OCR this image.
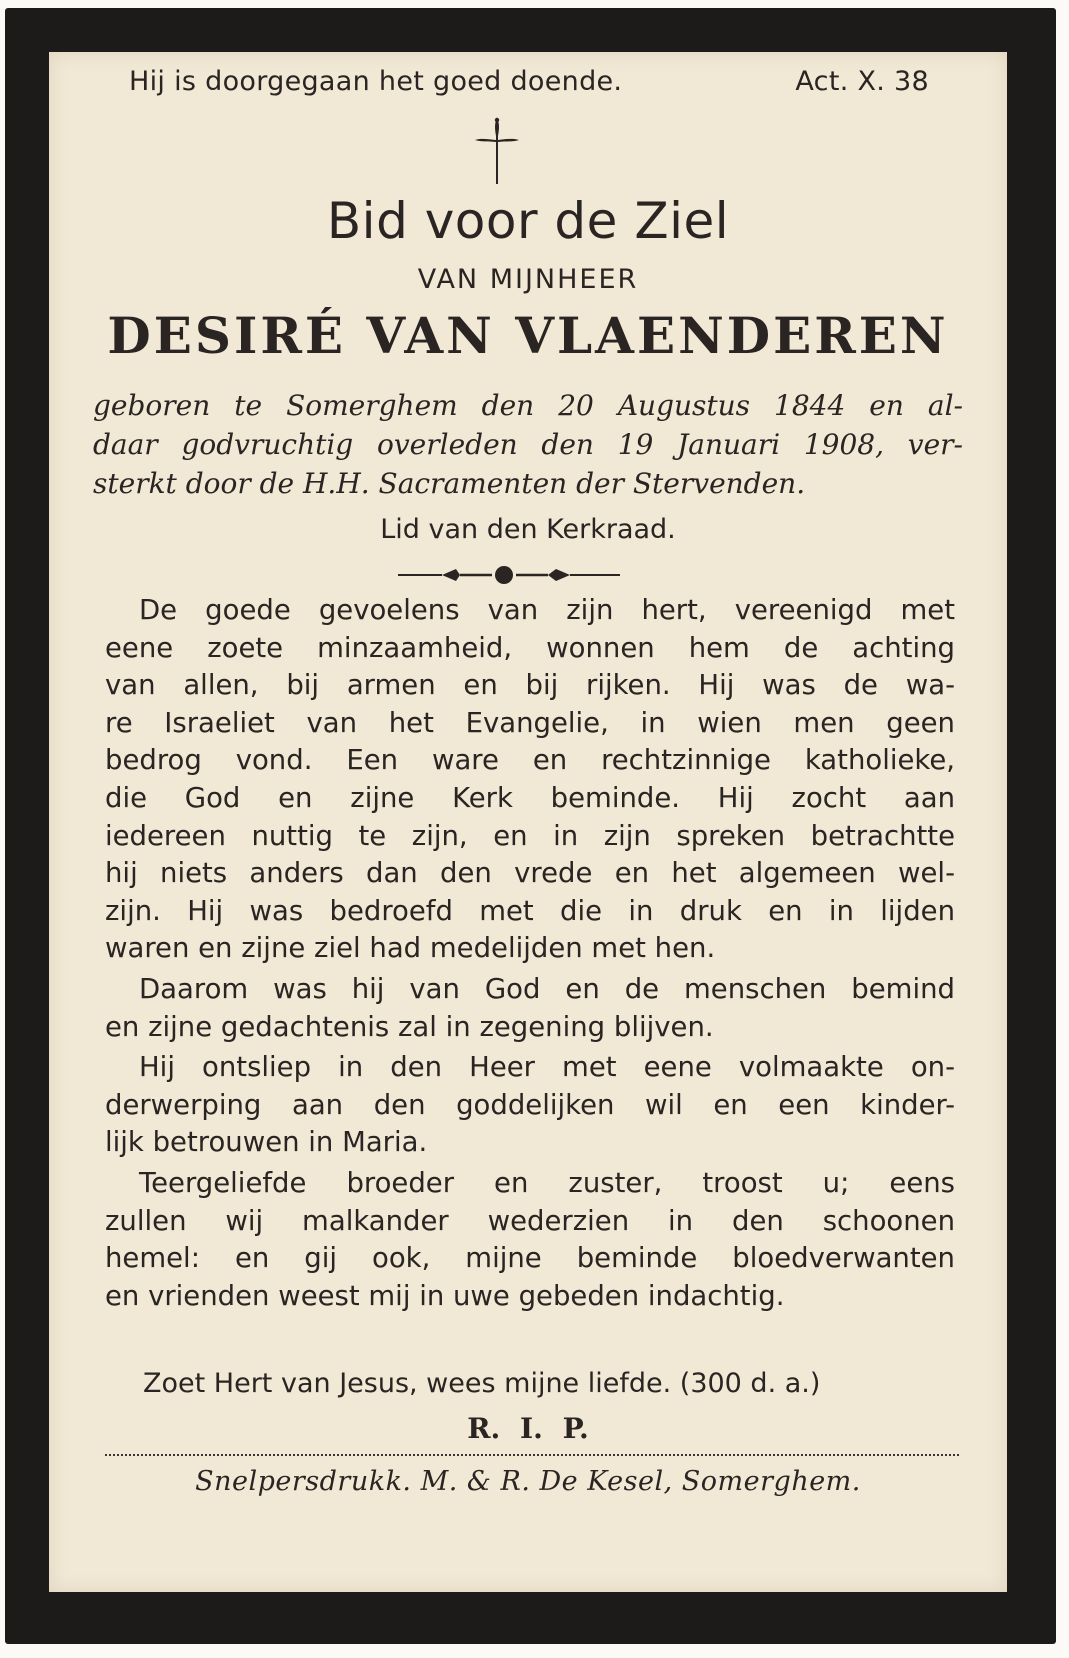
Hij is doorgegaan het goed doende.	Act. X. 38
Bid voor de Ziel
VAN MIJNHEER
DESIRÉ VAN VLAENDEREN
geboren te Somerghem den 20 Augustus 1844 en al-
daar godvruchtig overleden den 19 Januari 1908, ver-
sterkt door de H.H. Sacramenten der Stervenden.
Lid van den Kerkraad.
De goede gevoelens van zijn hert, vereenigd met
eene zoete minzaamheid, wonnen hem de achting
van allen, bij armen en bij rijken. Hij was de wa-
re Israeliet van het Evangelie, in wien men geen
bedrog vond. Een ware en rechtzinnige katholieke,
die God en zijne Kerk beminde. Hij zocht aan
iedereen nuttig te zijn, en in zijn spreken betrachtte
hij niets anders dan den vrede en het algemeen wel-
zijn. Hij was bedroefd met die in druk en in lijden
waren en zijne ziel had medelijden met hen.
Daarom was hij van God en de menschen bemind
en zijne gedachtenis zal in zegening blijven.
Hij ontsliep in den Heer met eene volmaakte on-
derwerping aan den goddelijken wil en een kinder-
lijk betrouwen in Maria.
Teergeliefde broeder en zuster, troost u; eens
zullen wij malkander wederzien in den schoonen
hemel: en gij ook, mijne beminde bloedverwanten
en vrienden weest mij in uwe gebeden indachtig.
Zoet Hert van Jesus, wees mijne liefde. (300 d. a.)
R. I. P.
Snelpersdrukk. M. & R. De Kesel, Somerghem.
